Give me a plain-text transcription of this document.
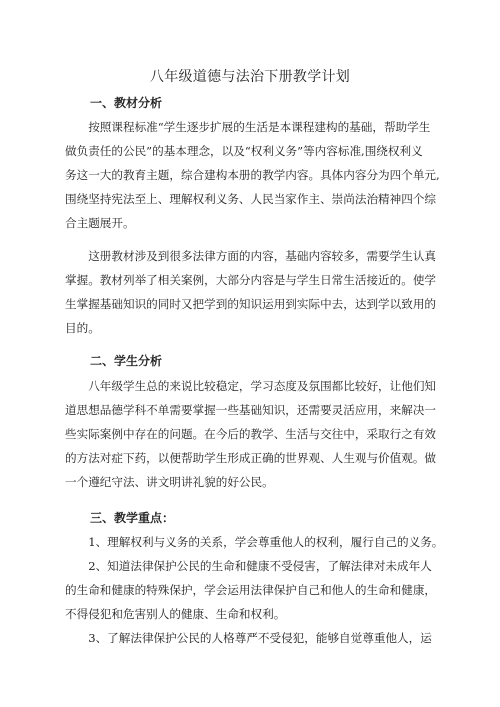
八年级道德与法治下册教学计划
一、教材分析
　　按照课程标准“学生逐步扩展的生活是本课程建构的基础，帮助学生
做负责任的公民”的基本理念，以及“权利义务”等内容标准,围绕权利义
务这一大的教育主题，综合建构本册的教学内容。具体内容分为四个单元,
围绕坚持宪法至上、理解权利义务、人民当家作主、崇尚法治精神四个综
合主题展开。
　　这册教材涉及到很多法律方面的内容，基础内容较多，需要学生认真
掌握。教材列举了相关案例，大部分内容是与学生日常生活接近的。使学
生掌握基础知识的同时又把学到的知识运用到实际中去，达到学以致用的
目的。
二、学生分析
　　八年级学生总的来说比较稳定，学习态度及氛围都比较好，让他们知
道思想品德学科不单需要掌握一些基础知识，还需要灵活应用，来解决一
些实际案例中存在的问题。在今后的教学、生活与交往中，采取行之有效
的方法对症下药，以便帮助学生形成正确的世界观、人生观与价值观。做
一个遵纪守法、讲文明讲礼貌的好公民。
三、教学重点：
　　1、理解权利与义务的关系，学会尊重他人的权利，履行自己的义务。
　　2、知道法律保护公民的生命和健康不受侵害，了解法律对未成年人
的生命和健康的特殊保护，学会运用法律保护自己和他人的生命和健康，
不得侵犯和危害别人的健康、生命和权利。
　　3、了解法律保护公民的人格尊严不受侵犯，能够自觉尊重他人，运
